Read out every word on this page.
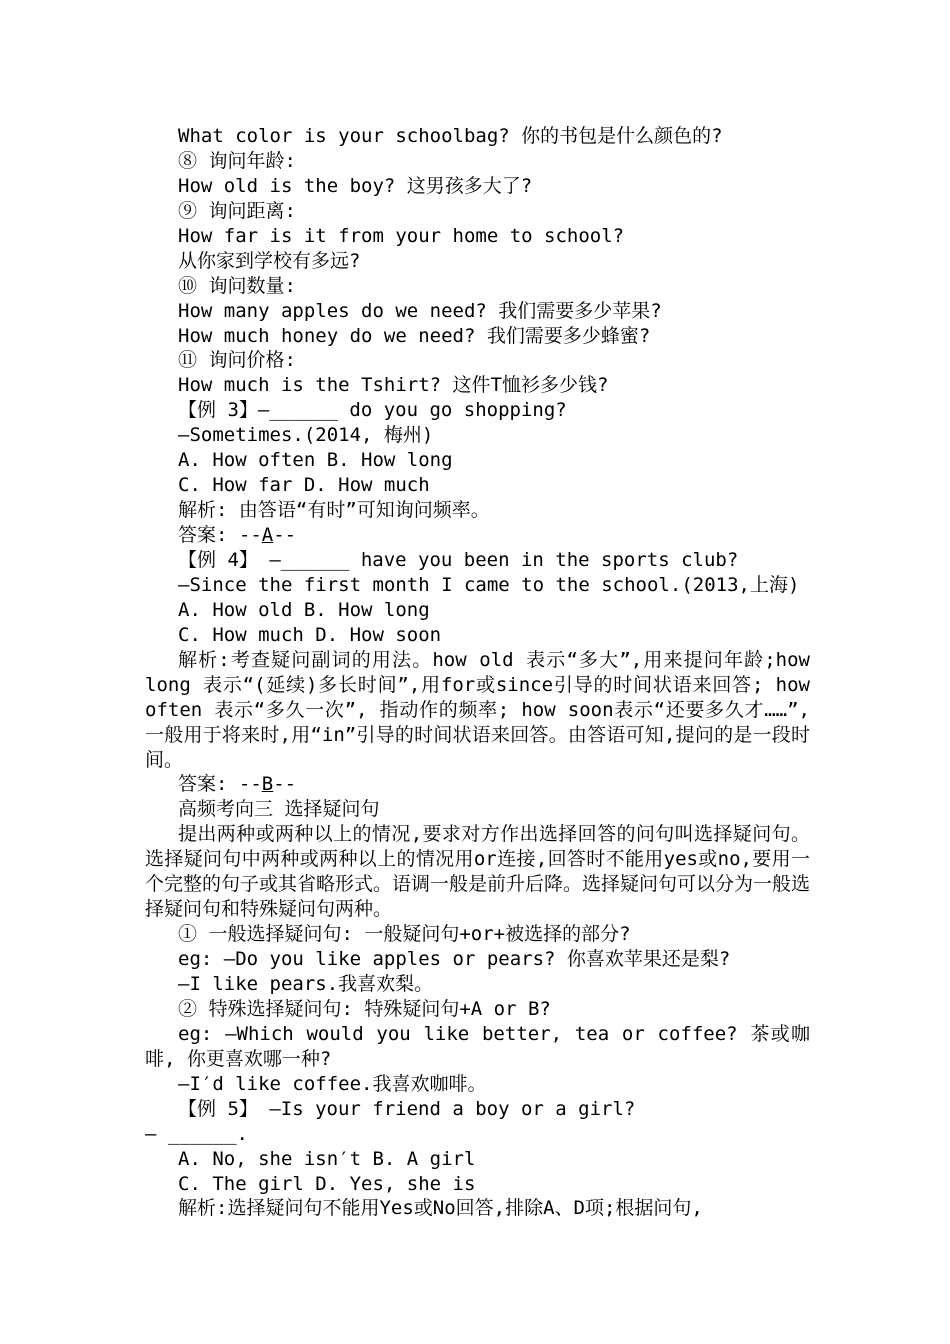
What color is your schoolbag? 你的书包是什么颜色的?
⑧ 询问年龄:
How old is the boy? 这男孩多大了?
⑨ 询问距离:
How far is it from your home to school?
从你家到学校有多远?
⑩ 询问数量:
How many apples do we need? 我们需要多少苹果?
How much honey do we need? 我们需要多少蜂蜜?
⑪ 询问价格:
How much is the Tshirt? 这件T恤衫多少钱?
【例 3】—______ do you go shopping?
—Sometimes.(2014, 梅州)
A. How often B. How long
C. How far D. How much
解析: 由答语“有时”可知询问频率。
答案: --A--
【例 4】 —______ have you been in the sports club?
—Since the first month I came to the school.(2013,上海)
A. How old B. How long
C. How much D. How soon
解析:考查疑问副词的用法。how old 表示“多大”,用来提问年龄;how long 表示“(延续)多长时间”,用for或since引导的时间状语来回答; how often 表示“多久一次”, 指动作的频率; how soon表示“还要多久才……”,一般用于将来时,用“in”引导的时间状语来回答。由答语可知,提问的是一段时间。
答案: --B--
高频考向三 选择疑问句
提出两种或两种以上的情况,要求对方作出选择回答的问句叫选择疑问句。选择疑问句中两种或两种以上的情况用or连接,回答时不能用yes或no,要用一个完整的句子或其省略形式。语调一般是前升后降。选择疑问句可以分为一般选择疑问句和特殊疑问句两种。
① 一般选择疑问句: 一般疑问句+or+被选择的部分?
eg: —Do you like apples or pears? 你喜欢苹果还是梨?
—I like pears.我喜欢梨。
② 特殊选择疑问句: 特殊疑问句+A or B?
eg: —Which would you like better, tea or coffee? 茶或咖啡, 你更喜欢哪一种?
—I′d like coffee.我喜欢咖啡。
【例 5】 —Is your friend a boy or a girl?
— ______.
A. No, she isn′t B. A girl
C. The girl D. Yes, she is
解析:选择疑问句不能用Yes或No回答,排除A、D项;根据问句,
